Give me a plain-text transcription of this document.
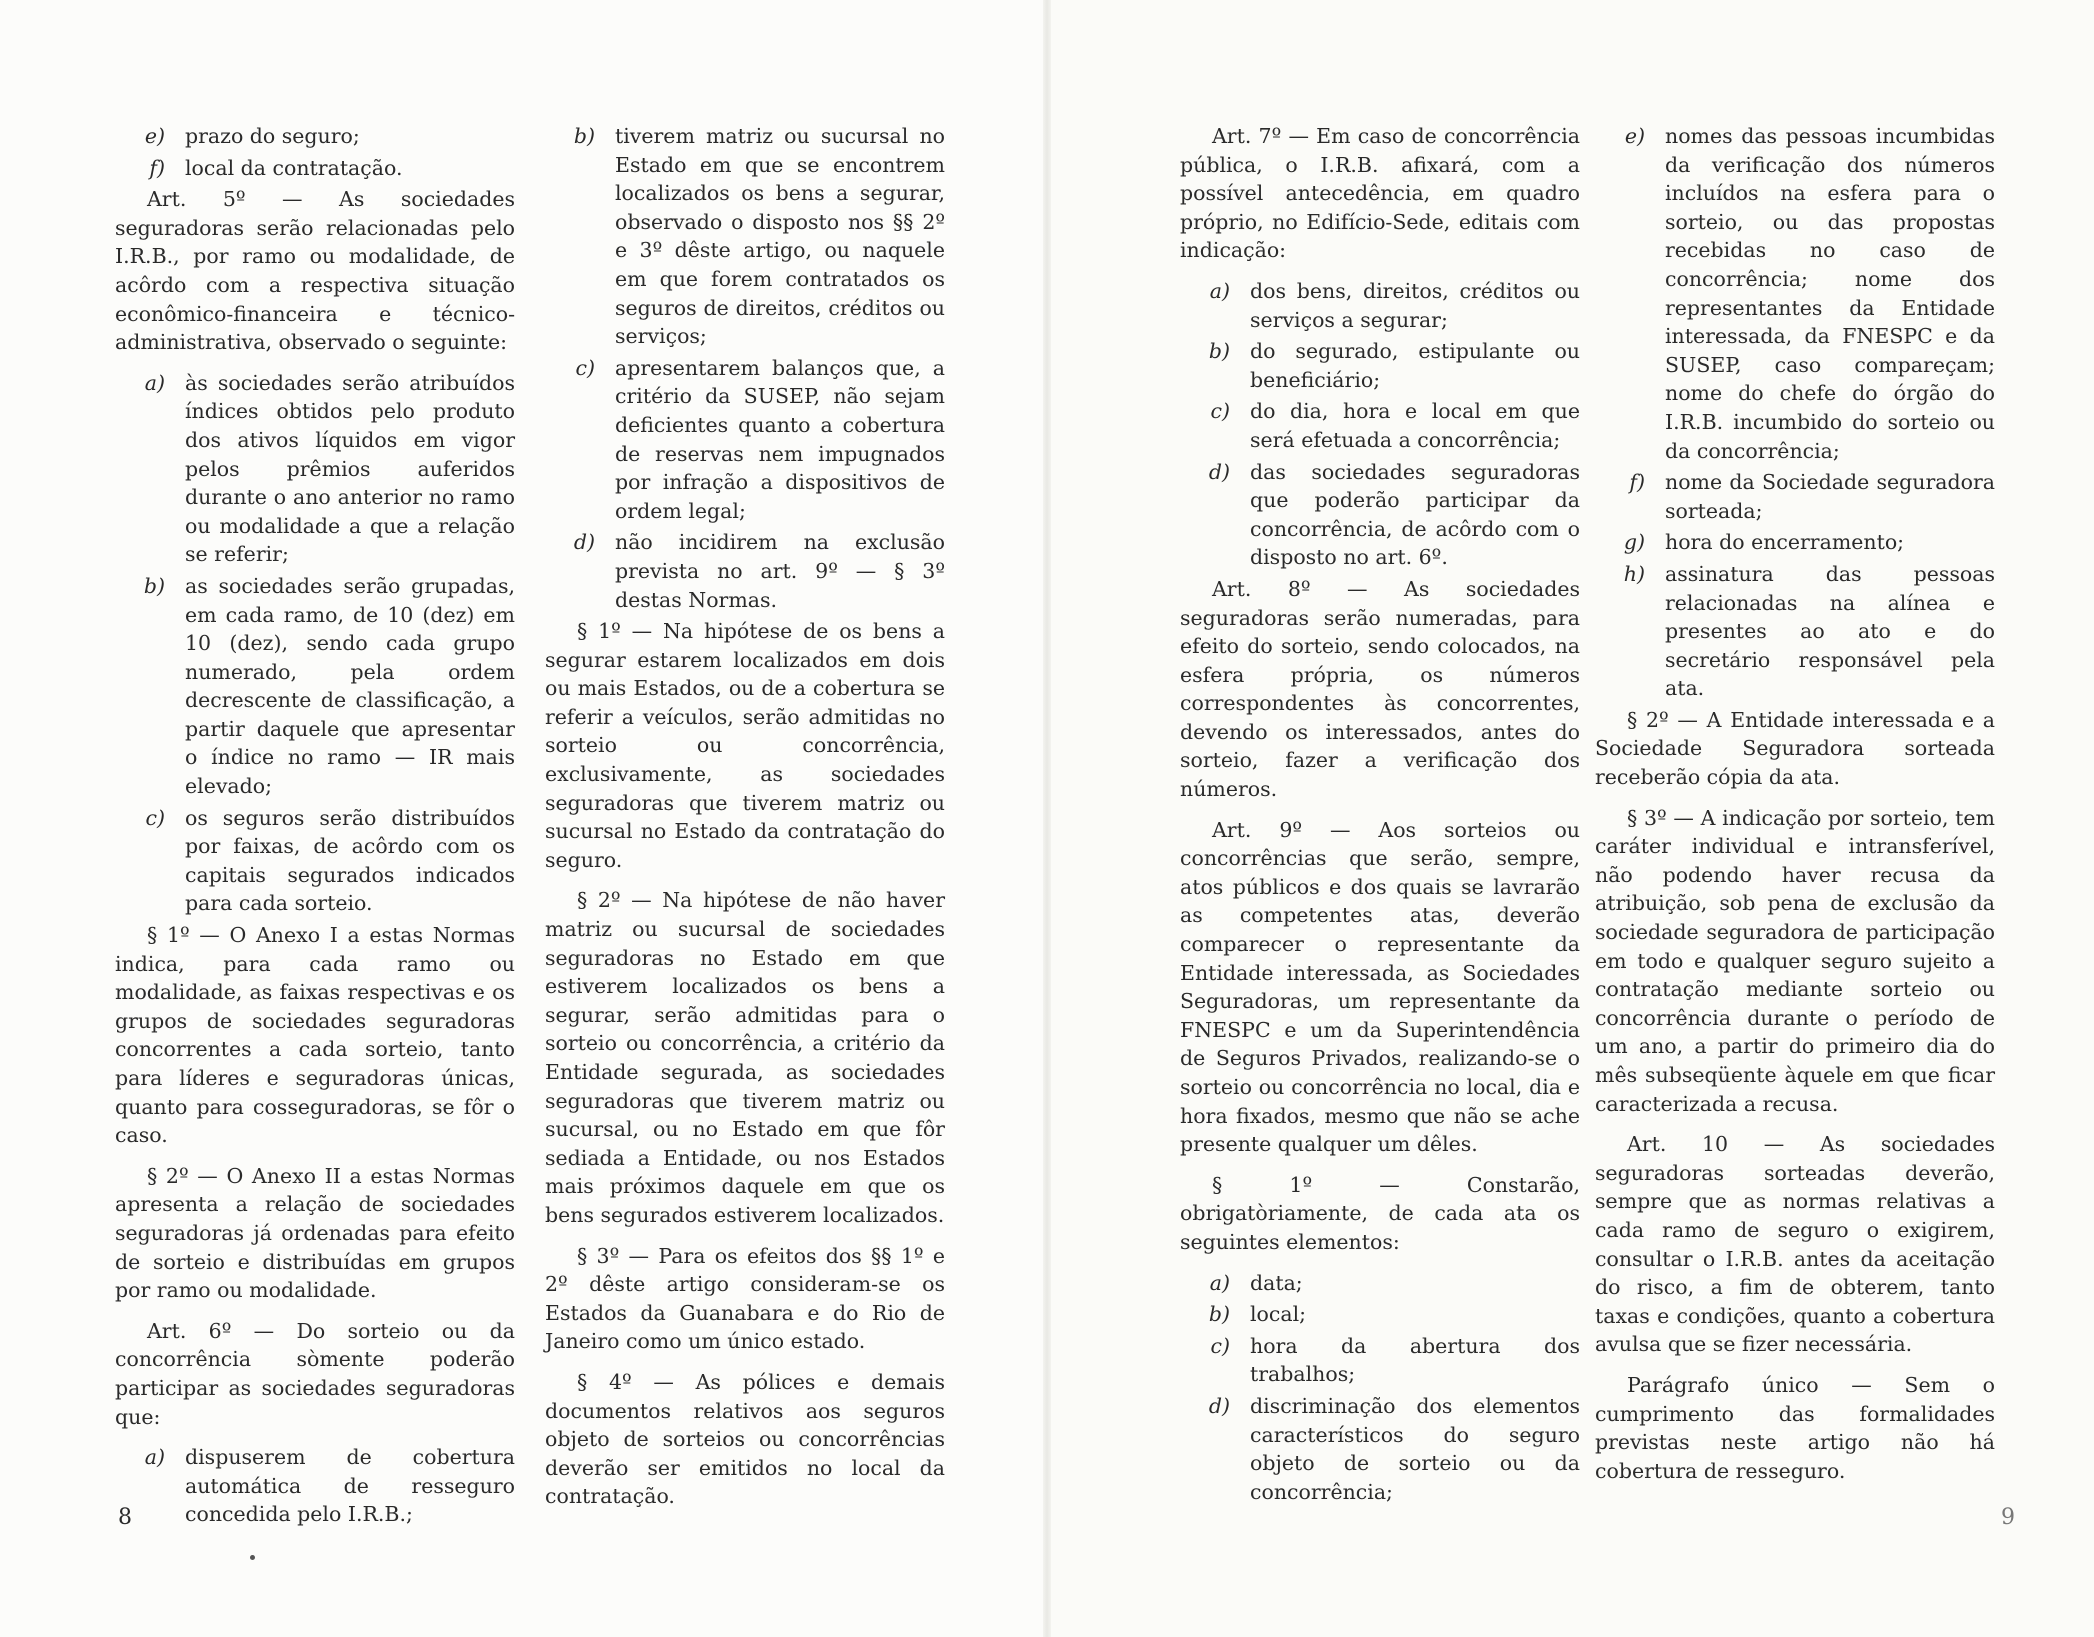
e) prazo do seguro;
f) local da contratação.

Art. 5º — As sociedades seguradoras serão relacionadas pelo I.R.B., por ramo ou modalidade, de acôrdo com a respectiva situação econômico-financeira e técnico-administrativa, observado o seguinte:

a) às sociedades serão atribuídos índices obtidos pelo produto dos ativos líquidos em vigor pelos prêmios auferidos durante o ano anterior no ramo ou modalidade a que a relação se referir;
b) as sociedades serão grupadas, em cada ramo, de 10 (dez) em 10 (dez), sendo cada grupo numerado, pela ordem decrescente de classificação, a partir daquele que apresentar o índice no ramo — IR mais elevado;
c) os seguros serão distribuídos por faixas, de acôrdo com os capitais segurados indicados para cada sorteio.

§ 1º — O Anexo I a estas Normas indica, para cada ramo ou modalidade, as faixas respectivas e os grupos de sociedades seguradoras concorrentes a cada sorteio, tanto para líderes e seguradoras únicas, quanto para cosseguradoras, se fôr o caso.

§ 2º — O Anexo II a estas Normas apresenta a relação de sociedades seguradoras já ordenadas para efeito de sorteio e distribuídas em grupos por ramo ou modalidade.

Art. 6º — Do sorteio ou da concorrência sòmente poderão participar as sociedades seguradoras que:

a) dispuserem de cobertura automática de resseguro concedida pelo I.R.B.;
b) tiverem matriz ou sucursal no Estado em que se encontrem localizados os bens a segurar, observado o disposto nos §§ 2º e 3º dêste artigo, ou naquele em que forem contratados os seguros de direitos, créditos ou serviços;
c) apresentarem balanços que, a critério da SUSEP, não sejam deficientes quanto a cobertura de reservas nem impugnados por infração a dispositivos de ordem legal;
d) não incidirem na exclusão prevista no art. 9º — § 3º destas Normas.

§ 1º — Na hipótese de os bens a segurar estarem localizados em dois ou mais Estados, ou de a cobertura se referir a veículos, serão admitidas no sorteio ou concorrência, exclusivamente, as sociedades seguradoras que tiverem matriz ou sucursal no Estado da contratação do seguro.

§ 2º — Na hipótese de não haver matriz ou sucursal de sociedades seguradoras no Estado em que estiverem localizados os bens a segurar, serão admitidas para o sorteio ou concorrência, a critério da Entidade segurada, as sociedades seguradoras que tiverem matriz ou sucursal, ou no Estado em que fôr sediada a Entidade, ou nos Estados mais próximos daquele em que os bens segurados estiverem localizados.

§ 3º — Para os efeitos dos §§ 1º e 2º dêste artigo consideram-se os Estados da Guanabara e do Rio de Janeiro como um único estado.

§ 4º — As pólices e demais documentos relativos aos seguros objeto de sorteios ou concorrências deverão ser emitidos no local da contratação.

8

Art. 7º — Em caso de concorrência pública, o I.R.B. afixará, com a possível antecedência, em quadro próprio, no Edifício-Sede, editais com indicação:

a) dos bens, direitos, créditos ou serviços a segurar;
b) do segurado, estipulante ou beneficiário;
c) do dia, hora e local em que será efetuada a concorrência;
d) das sociedades seguradoras que poderão participar da concorrência, de acôrdo com o disposto no art. 6º.

Art. 8º — As sociedades seguradoras serão numeradas, para efeito do sorteio, sendo colocados, na esfera própria, os números correspondentes às concorrentes, devendo os interessados, antes do sorteio, fazer a verificação dos números.

Art. 9º — Aos sorteios ou concorrências que serão, sempre, atos públicos e dos quais se lavrarão as competentes atas, deverão comparecer o representante da Entidade interessada, as Sociedades Seguradoras, um representante da FNESPC e um da Superintendência de Seguros Privados, realizando-se o sorteio ou concorrência no local, dia e hora fixados, mesmo que não se ache presente qualquer um dêles.

§ 1º — Constarão, obrigatòriamente, de cada ata os seguintes elementos:

a) data;
b) local;
c) hora da abertura dos trabalhos;
d) discriminação dos elementos característicos do seguro objeto de sorteio ou da concorrência;
e) nomes das pessoas incumbidas da verificação dos números incluídos na esfera para o sorteio, ou das propostas recebidas no caso de concorrência; nome dos representantes da Entidade interessada, da FNESPC e da SUSEP, caso compareçam; nome do chefe do órgão do I.R.B. incumbido do sorteio ou da concorrência;
f) nome da Sociedade seguradora sorteada;
g) hora do encerramento;
h) assinatura das pessoas relacionadas na alínea e presentes ao ato e do secretário responsável pela ata.

§ 2º — A Entidade interessada e a Sociedade Seguradora sorteada receberão cópia da ata.

§ 3º — A indicação por sorteio, tem caráter individual e intransferível, não podendo haver recusa da atribuição, sob pena de exclusão da sociedade seguradora de participação em todo e qualquer seguro sujeito a contratação mediante sorteio ou concorrência durante o período de um ano, a partir do primeiro dia do mês subseqüente àquele em que ficar caracterizada a recusa.

Art. 10 — As sociedades seguradoras sorteadas deverão, sempre que as normas relativas a cada ramo de seguro o exigirem, consultar o I.R.B. antes da aceitação do risco, a fim de obterem, tanto taxas e condições, quanto a cobertura avulsa que se fizer necessária.

Parágrafo único — Sem o cumprimento das formalidades previstas neste artigo não há cobertura de resseguro.

9
